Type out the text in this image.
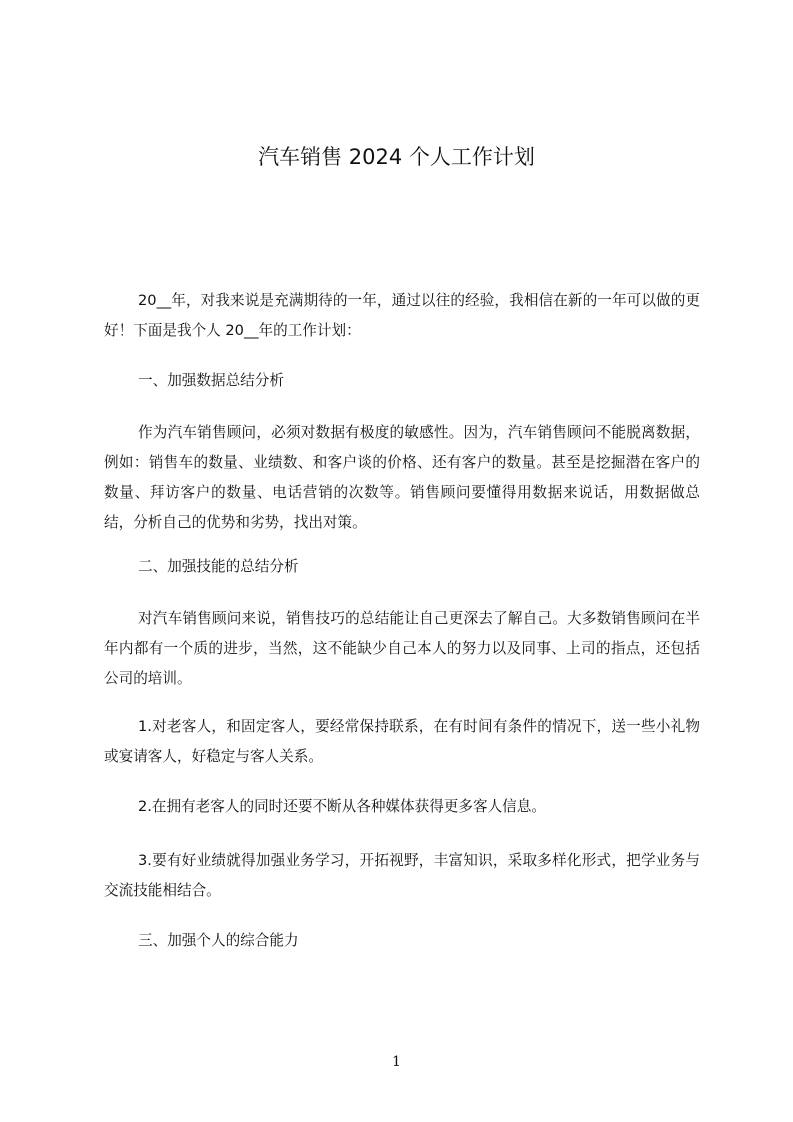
汽车销售 2024 个人工作计划

20__年，对我来说是充满期待的一年，通过以往的经验，我相信在新的一年可以做的更好！下面是我个人 20__年的工作计划：

一、加强数据总结分析

作为汽车销售顾问，必须对数据有极度的敏感性。因为，汽车销售顾问不能脱离数据，例如：销售车的数量、业绩数、和客户谈的价格、还有客户的数量。甚至是挖掘潜在客户的数量、拜访客户的数量、电话营销的次数等。销售顾问要懂得用数据来说话，用数据做总结，分析自己的优势和劣势，找出对策。

二、加强技能的总结分析

对汽车销售顾问来说，销售技巧的总结能让自己更深去了解自己。大多数销售顾问在半年内都有一个质的进步，当然，这不能缺少自己本人的努力以及同事、上司的指点，还包括公司的培训。

1.对老客人，和固定客人，要经常保持联系，在有时间有条件的情况下，送一些小礼物或宴请客人，好稳定与客人关系。

2.在拥有老客人的同时还要不断从各种媒体获得更多客人信息。

3.要有好业绩就得加强业务学习，开拓视野，丰富知识，采取多样化形式，把学业务与交流技能相结合。

三、加强个人的综合能力

1
